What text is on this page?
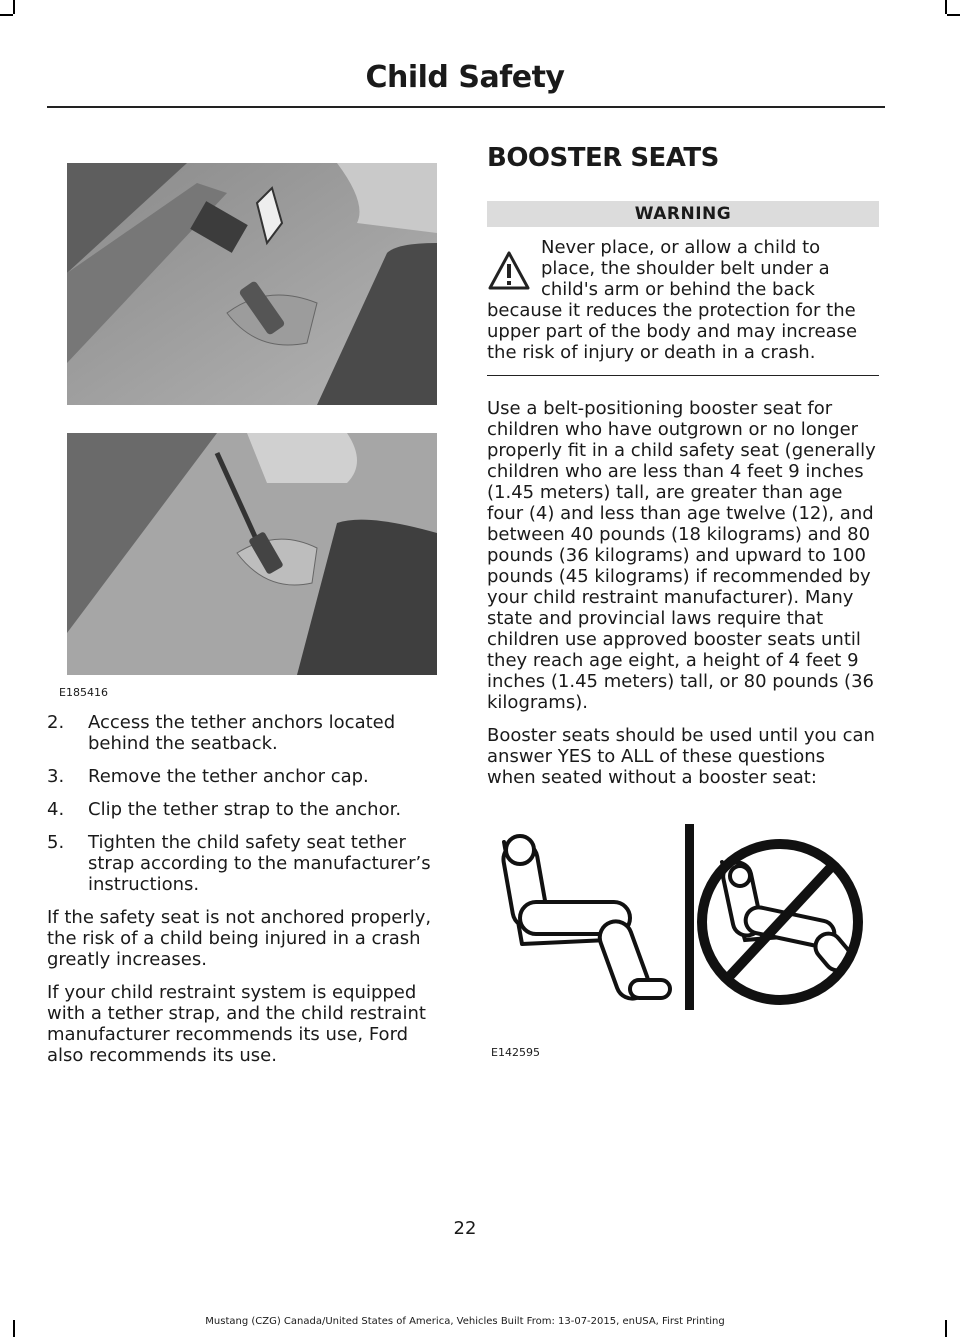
Child Safety
E185416
2. Access the tether anchors located behind the seatback.
3. Remove the tether anchor cap.
4. Clip the tether strap to the anchor.
5. Tighten the child safety seat tether strap according to the manufacturer’s instructions.

If the safety seat is not anchored properly, the risk of a child being injured in a crash greatly increases.

If your child restraint system is equipped with a tether strap, and the child restraint manufacturer recommends its use, Ford also recommends its use.

BOOSTER SEATS
WARNING

Never place, or allow a child to place, the shoulder belt under a child's arm or behind the back because it reduces the protection for the upper part of the body and may increase the risk of injury or death in a crash.

Use a belt-positioning booster seat for children who have outgrown or no longer properly fit in a child safety seat (generally children who are less than 4 feet 9 inches (1.45 meters) tall, are greater than age four (4) and less than age twelve (12), and between 40 pounds (18 kilograms) and 80 pounds (36 kilograms) and upward to 100 pounds (45 kilograms) if recommended by your child restraint manufacturer). Many state and provincial laws require that children use approved booster seats until they reach age eight, a height of 4 feet 9 inches (1.45 meters) tall, or 80 pounds (36 kilograms).

Booster seats should be used until you can answer YES to ALL of these questions when seated without a booster seat:

E142595
22
Mustang (CZG) Canada/United States of America, Vehicles Built From: 13-07-2015, enUSA, First Printing
